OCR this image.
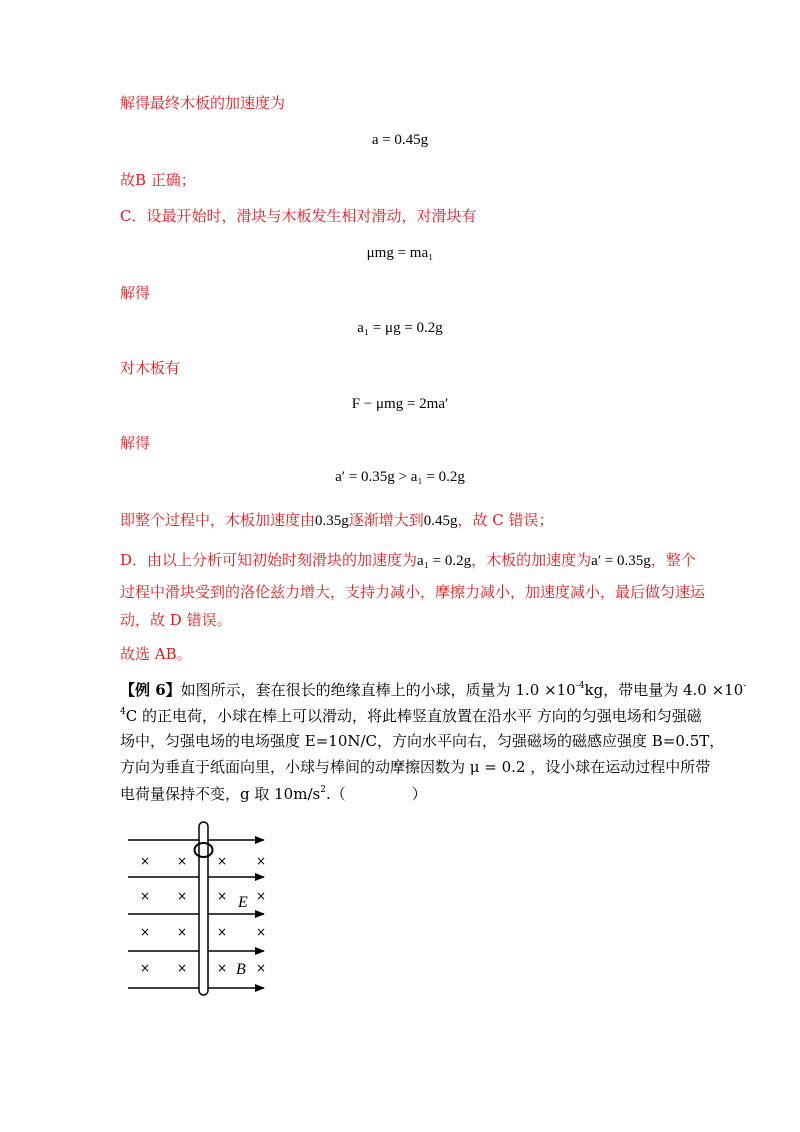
解得最终木板的加速度为
a = 0.45g
故B 正确；
C．设最开始时，滑块与木板发生相对滑动，对滑块有
μmg = ma₁
解得
a₁ = μg = 0.2g
对木板有
F − μmg = 2ma′
解得
a′ = 0.35g > a₁ = 0.2g
即整个过程中，木板加速度由0.35g逐渐增大到0.45g，故 C 错误；
D．由以上分析可知初始时刻滑块的加速度为a₁ = 0.2g，木板的加速度为a′ = 0.35g，整个
过程中滑块受到的洛伦兹力增大，支持力减小，摩擦力减小，加速度减小，最后做匀速运
动，故 D 错误。
故选 AB。
【例 6】如图所示，套在很长的绝缘直棒上的小球，质量为 $1.0 \times 10^{-4}kg$，带电量为 4.0 ×10-
$^4$C 的正电荷，小球在棒上可以滑动，将此棒竖直放置在沿水平 方向的匀强电场和匀强磁
场中，匀强电场的电场强度 E=10N/C，方向水平向右，匀强磁场的磁感应强度 B=0.5T，
方向为垂直于纸面向里，小球与棒间的动摩擦因数为 μ = 0.2 ，设小球在运动过程中所带
电荷量保持不变，g 取 $10m/s^2$.（	）
× × × ×
× × × ×
× × × ×
× × × ×
E
B
